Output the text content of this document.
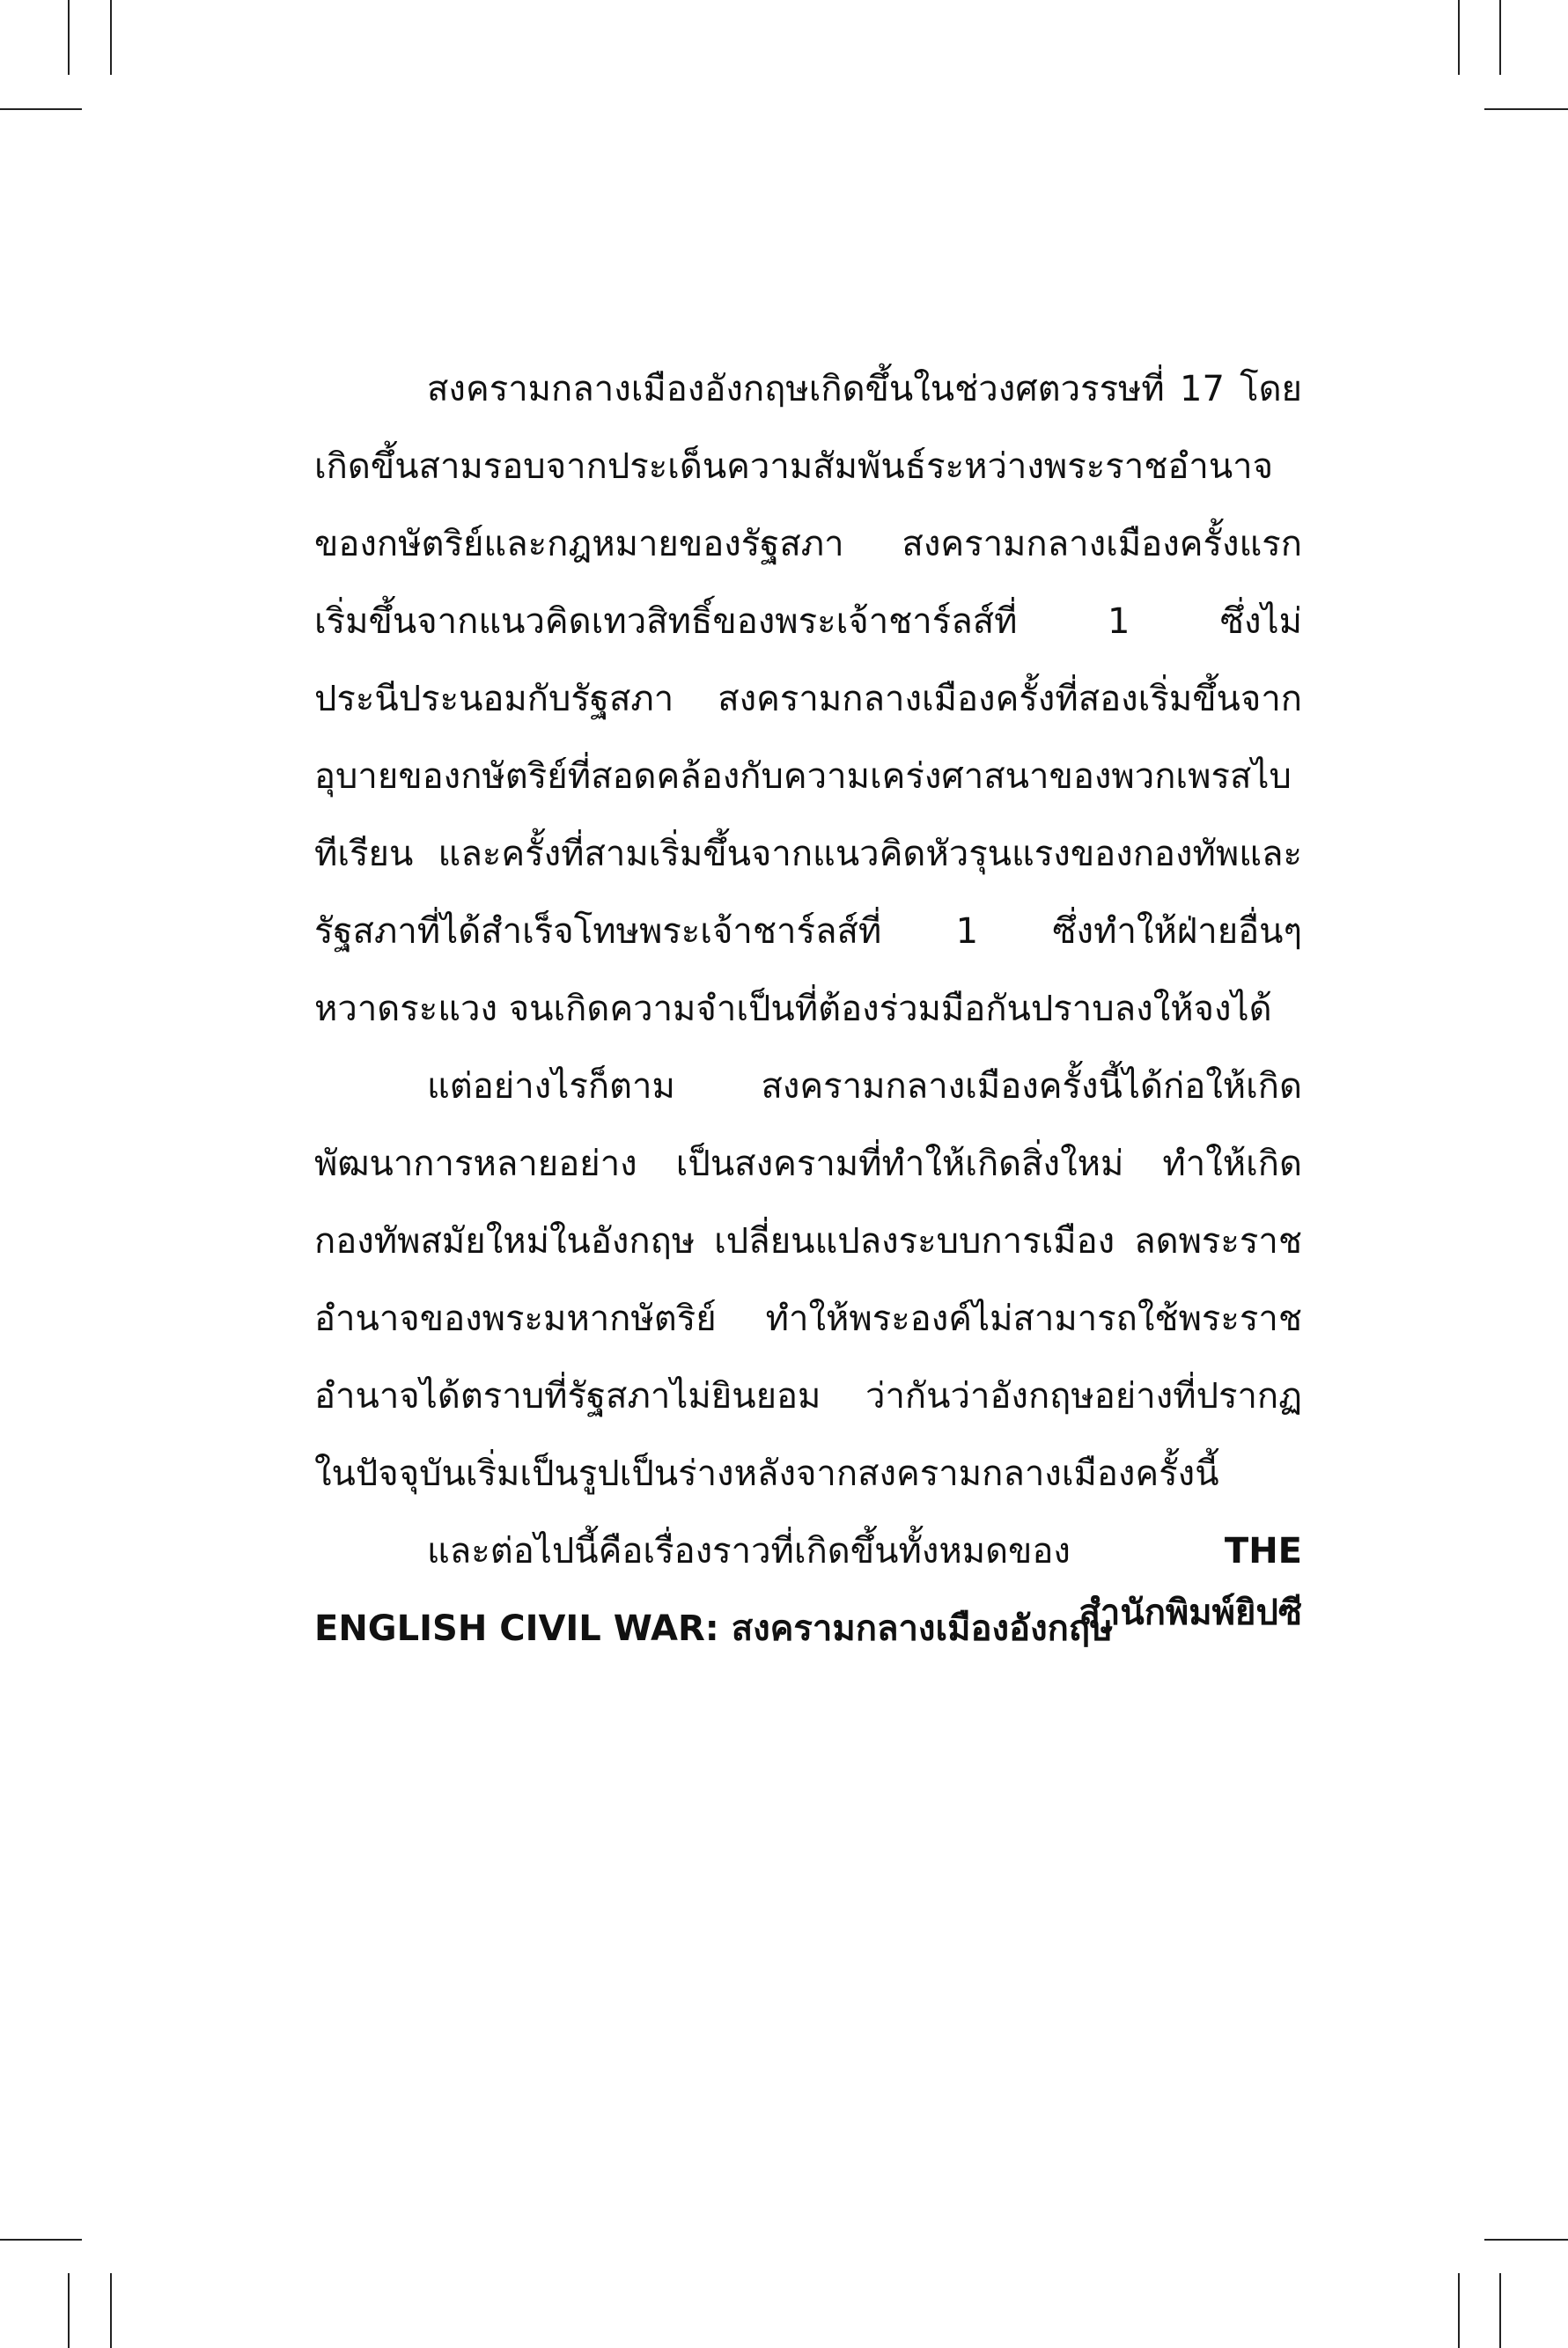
สงครามกลางเมืองอังกฤษเกิดขึ้นในช่วงศตวรรษที่ 17 โดยเกิดขึ้นสามรอบจากประเด็นความสัมพันธ์ระหว่างพระราชอำนาจของกษัตริย์และกฎหมายของรัฐสภา สงครามกลางเมืองครั้งแรกเริ่มขึ้นจากแนวคิดเทวสิทธิ์ของพระเจ้าชาร์ลส์ที่ 1 ซึ่งไม่ประนีประนอมกับรัฐสภา สงครามกลางเมืองครั้งที่สองเริ่มขึ้นจากอุบายของกษัตริย์ที่สอดคล้องกับความเคร่งศาสนาของพวกเพรสไบทีเรียน และครั้งที่สามเริ่มขึ้นจากแนวคิดหัวรุนแรงของกองทัพและรัฐสภาที่ได้สำเร็จโทษพระเจ้าชาร์ลส์ที่ 1 ซึ่งทำให้ฝ่ายอื่นๆ หวาดระแวง จนเกิดความจำเป็นที่ต้องร่วมมือกันปราบลงให้จงได้

แต่อย่างไรก็ตาม สงครามกลางเมืองครั้งนี้ได้ก่อให้เกิดพัฒนาการหลายอย่าง เป็นสงครามที่ทำให้เกิดสิ่งใหม่ ทำให้เกิดกองทัพสมัยใหม่ในอังกฤษ เปลี่ยนแปลงระบบการเมือง ลดพระราชอำนาจของพระมหากษัตริย์ ทำให้พระองค์ไม่สามารถใช้พระราชอำนาจได้ตราบที่รัฐสภาไม่ยินยอม ว่ากันว่าอังกฤษอย่างที่ปรากฏในปัจจุบันเริ่มเป็นรูปเป็นร่างหลังจากสงครามกลางเมืองครั้งนี้

และต่อไปนี้คือเรื่องราวที่เกิดขึ้นทั้งหมดของ THE ENGLISH CIVIL WAR: สงครามกลางเมืองอังกฤษ

สำนักพิมพ์ยิปซี
